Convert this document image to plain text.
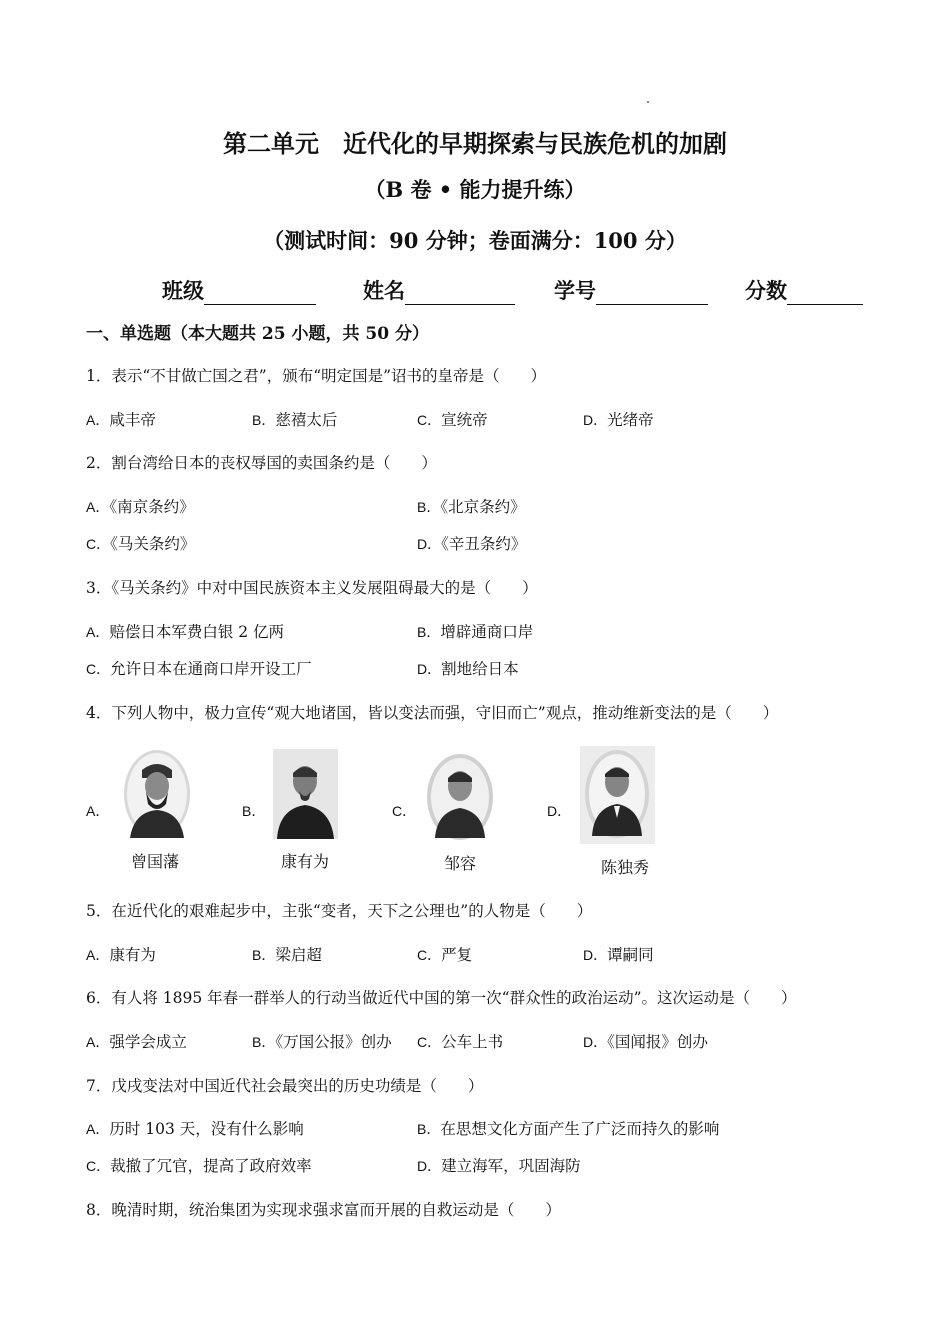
第二单元　近代化的早期探索与民族危机的加剧
（B 卷 • 能力提升练）
（测试时间：90 分钟；卷面满分：100 分）
班级	姓名	学号	分数
一、单选题（本大题共 25 小题，共 50 分）
1．表示“不甘做亡国之君”，颁布“明定国是”诏书的皇帝是（　　）
A．咸丰帝	B．慈禧太后	C．宣统帝	D．光绪帝
2．割台湾给日本的丧权辱国的卖国条约是（　　）
A．《南京条约》	B．《北京条约》
C．《马关条约》	D．《辛丑条约》
3．《马关条约》中对中国民族资本主义发展阻碍最大的是（　　）
A．赔偿日本军费白银 2 亿两	B．增辟通商口岸
C．允许日本在通商口岸开设工厂	D．割地给日本
4．下列人物中，极力宣传“观大地诸国，皆以变法而强，守旧而亡”观点，推动维新变法的是（　　）
A．
曾国藩
B．
康有为
C．
邹容
D．
陈独秀
5．在近代化的艰难起步中，主张“变者，天下之公理也”的人物是（　　）
A．康有为	B．梁启超	C．严复	D．谭嗣同
6．有人将 1895 年春一群举人的行动当做近代中国的第一次“群众性的政治运动”。这次运动是（　　）
A．强学会成立	B．《万国公报》创办 C．公车上书	D．《国闻报》创办
7．戊戌变法对中国近代社会最突出的历史功绩是（　　）
A．历时 103 天，没有什么影响	B．在思想文化方面产生了广泛而持久的影响
C．裁撤了冗官，提高了政府效率	D．建立海军，巩固海防
8．晚清时期，统治集团为实现求强求富而开展的自救运动是（　　）
